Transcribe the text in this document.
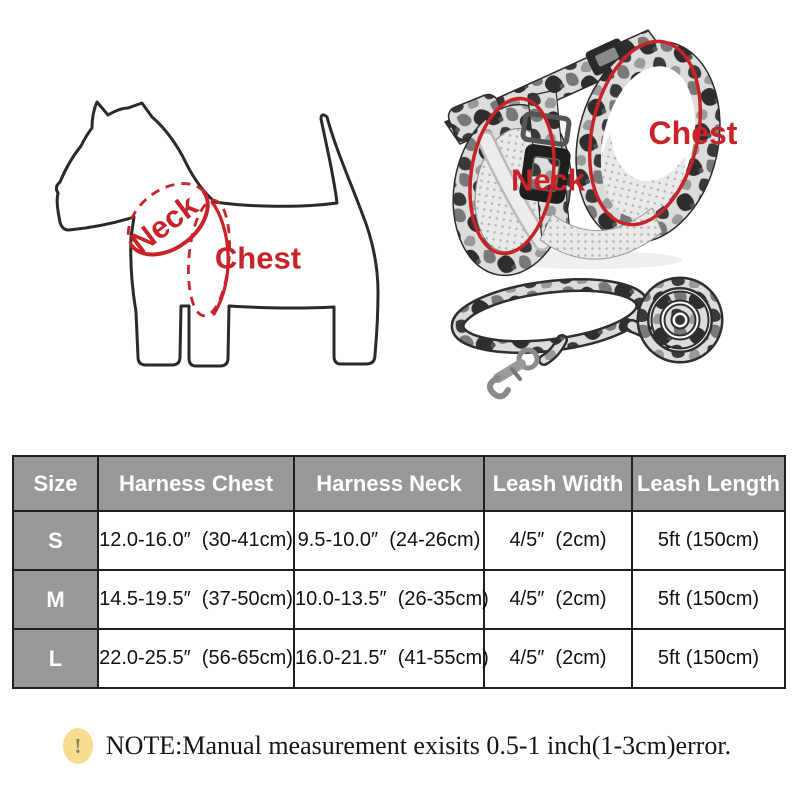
Neck Chest
Neck
Chest
Size	Harness Chest	Harness Neck	Leash Width	Leash Length
S	12.0-16.0″  (30-41cm)	9.5-10.0″  (24-26cm)	4/5″  (2cm)	5ft (150cm)
M	14.5-19.5″  (37-50cm)	10.0-13.5″  (26-35cm)	4/5″  (2cm)	5ft (150cm)
L	22.0-25.5″  (56-65cm)	16.0-21.5″  (41-55cm)	4/5″  (2cm)	5ft (150cm)
! NOTE:Manual measurement exisits 0.5-1 inch(1-3cm)error.
